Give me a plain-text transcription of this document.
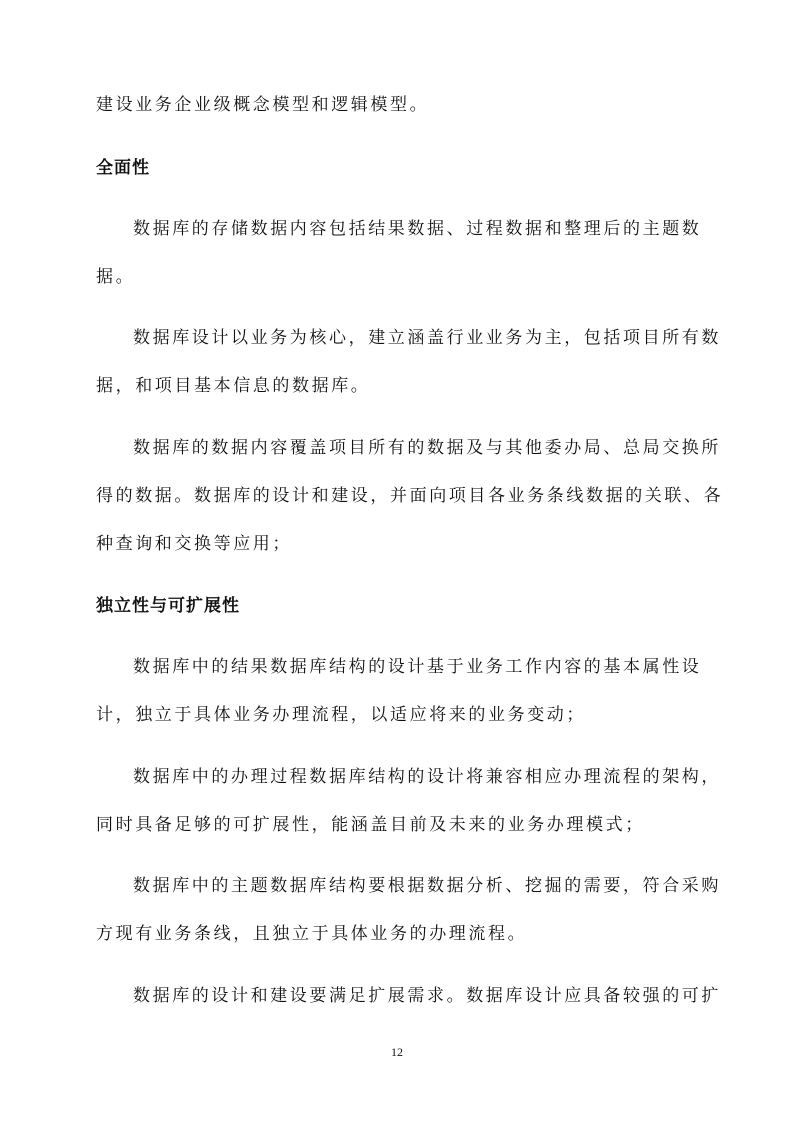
建设业务企业级概念模型和逻辑模型。
全面性
数据库的存储数据内容包括结果数据、过程数据和整理后的主题数
据。
数据库设计以业务为核心，建立涵盖行业业务为主，包括项目所有数
据，和项目基本信息的数据库。
数据库的数据内容覆盖项目所有的数据及与其他委办局、总局交换所
得的数据。数据库的设计和建设，并面向项目各业务条线数据的关联、各
种查询和交换等应用；
独立性与可扩展性
数据库中的结果数据库结构的设计基于业务工作内容的基本属性设
计，独立于具体业务办理流程，以适应将来的业务变动；
数据库中的办理过程数据库结构的设计将兼容相应办理流程的架构，
同时具备足够的可扩展性，能涵盖目前及未来的业务办理模式；
数据库中的主题数据库结构要根据数据分析、挖掘的需要，符合采购
方现有业务条线，且独立于具体业务的办理流程。
数据库的设计和建设要满足扩展需求。数据库设计应具备较强的可扩
12
